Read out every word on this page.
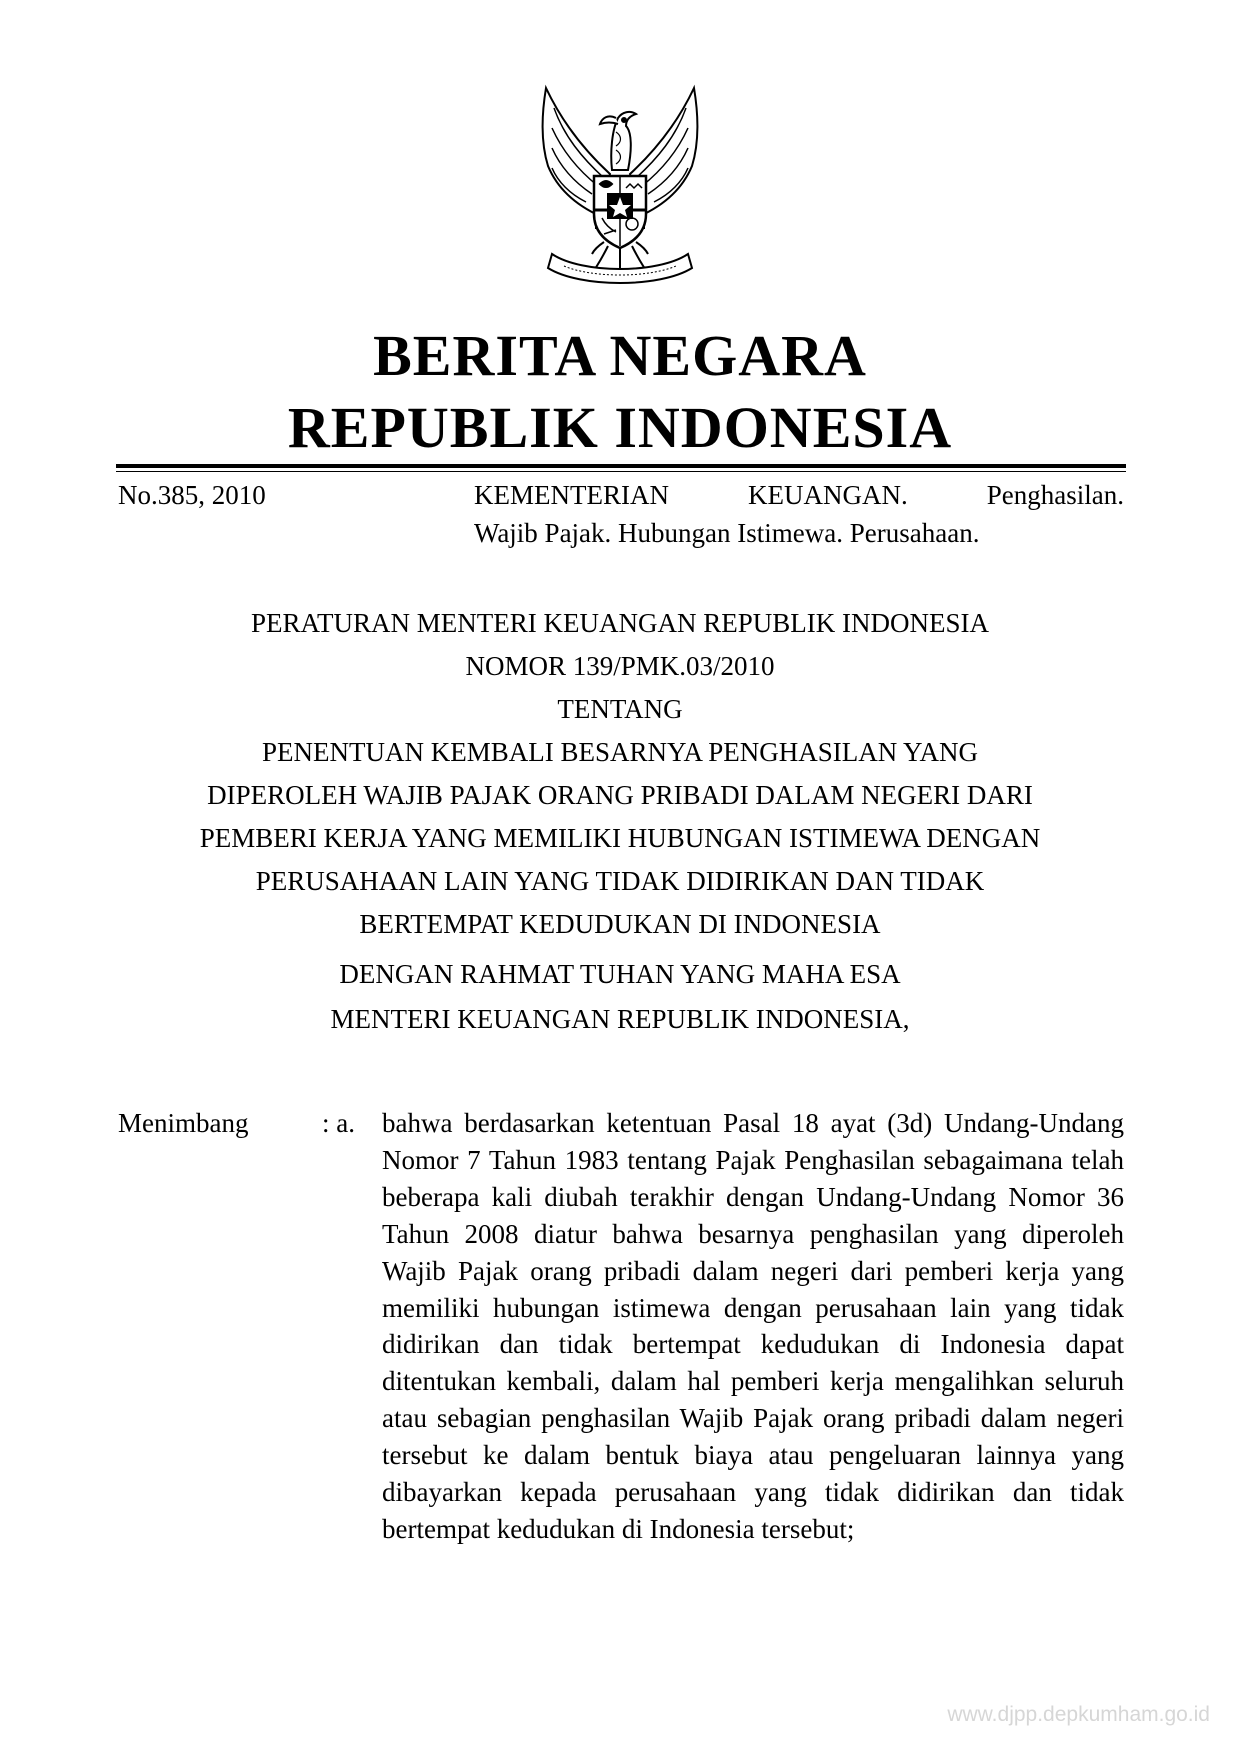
BERITA NEGARA
REPUBLIK INDONESIA
No.385, 2010	KEMENTERIAN	KEUANGAN.	Penghasilan.
Wajib Pajak. Hubungan Istimewa. Perusahaan.
PERATURAN MENTERI KEUANGAN REPUBLIK INDONESIA
NOMOR 139/PMK.03/2010
TENTANG
PENENTUAN KEMBALI BESARNYA PENGHASILAN YANG
DIPEROLEH WAJIB PAJAK ORANG PRIBADI DALAM NEGERI DARI
PEMBERI KERJA YANG MEMILIKI HUBUNGAN ISTIMEWA DENGAN
PERUSAHAAN LAIN YANG TIDAK DIDIRIKAN DAN TIDAK
BERTEMPAT KEDUDUKAN DI INDONESIA
DENGAN RAHMAT TUHAN YANG MAHA ESA
MENTERI KEUANGAN REPUBLIK INDONESIA,
Menimbang	: a. bahwa berdasarkan ketentuan Pasal 18 ayat (3d) Undang-Undang Nomor 7 Tahun 1983 tentang Pajak Penghasilan sebagaimana telah beberapa kali diubah terakhir dengan Undang-Undang Nomor 36 Tahun 2008 diatur bahwa besarnya penghasilan yang diperoleh Wajib Pajak orang pribadi dalam negeri dari pemberi kerja yang memiliki hubungan istimewa dengan perusahaan lain yang tidak didirikan dan tidak bertempat kedudukan di Indonesia dapat ditentukan kembali, dalam hal pemberi kerja mengalihkan seluruh atau sebagian penghasilan Wajib Pajak orang pribadi dalam negeri tersebut ke dalam bentuk biaya atau pengeluaran lainnya yang dibayarkan kepada perusahaan yang tidak didirikan dan tidak bertempat kedudukan di Indonesia tersebut;

www.djpp.depkumham.go.id
